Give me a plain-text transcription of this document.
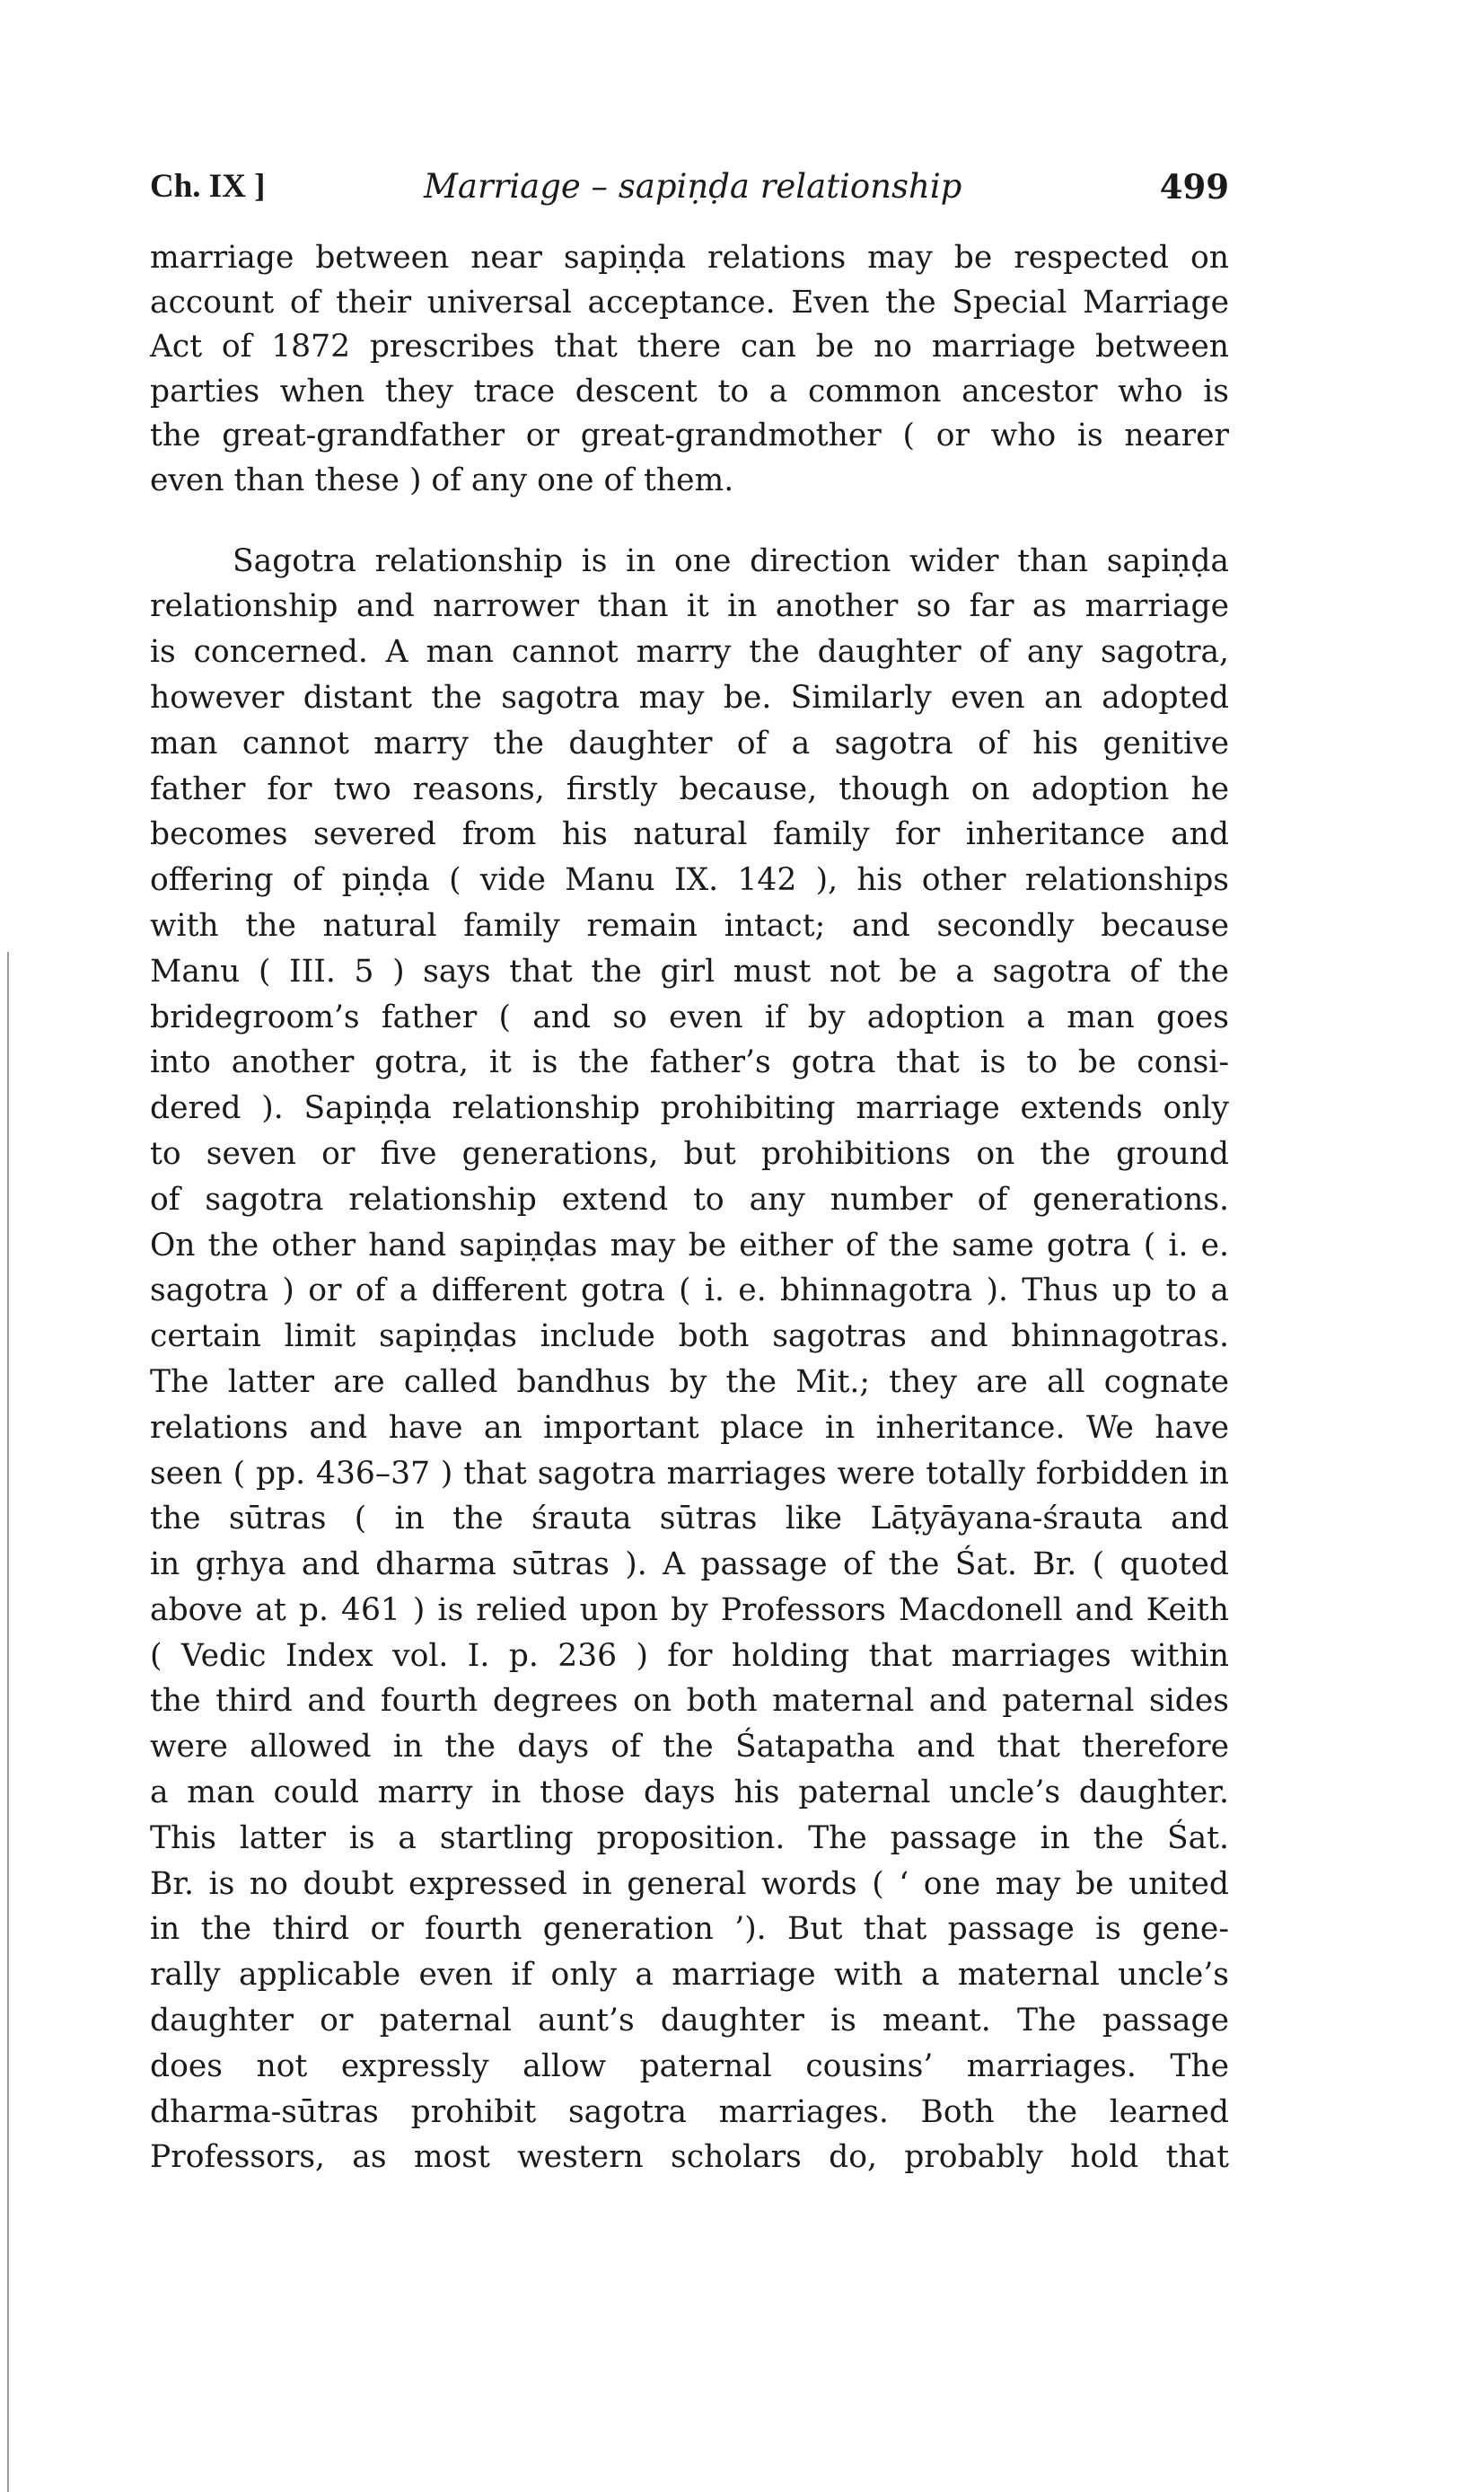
Ch. IX ]	Marriage – sapiṇḍa relationship	499
marriage between near sapiṇḍa relations may be respected on
account of their universal acceptance. Even the Special Marriage
Act of 1872 prescribes that there can be no marriage between
parties when they trace descent to a common ancestor who is
the great-grandfather or great-grandmother ( or who is nearer
even than these ) of any one of them.
Sagotra relationship is in one direction wider than sapiṇḍa
relationship and narrower than it in another so far as marriage
is concerned. A man cannot marry the daughter of any sagotra,
however distant the sagotra may be. Similarly even an adopted
man cannot marry the daughter of a sagotra of his genitive
father for two reasons, firstly because, though on adoption he
becomes severed from his natural family for inheritance and
offering of piṇḍa ( vide Manu IX. 142 ), his other relationships
with the natural family remain intact; and secondly because
Manu ( III. 5 ) says that the girl must not be a sagotra of the
bridegroom’s father ( and so even if by adoption a man goes
into another gotra, it is the father’s gotra that is to be consi-
dered ). Sapiṇḍa relationship prohibiting marriage extends only
to seven or five generations, but prohibitions on the ground
of sagotra relationship extend to any number of generations.
On the other hand sapiṇḍas may be either of the same gotra ( i. e.
sagotra ) or of a different gotra ( i. e. bhinnagotra ). Thus up to a
certain limit sapiṇḍas include both sagotras and bhinnagotras.
The latter are called bandhus by the Mit.; they are all cognate
relations and have an important place in inheritance. We have
seen ( pp. 436–37 ) that sagotra marriages were totally forbidden in
the sūtras ( in the śrauta sūtras like Lāṭyāyana-śrauta and
in gṛhya and dharma sūtras ). A passage of the Śat. Br. ( quoted
above at p. 461 ) is relied upon by Professors Macdonell and Keith
( Vedic Index vol. I. p. 236 ) for holding that marriages within
the third and fourth degrees on both maternal and paternal sides
were allowed in the days of the Śatapatha and that therefore
a man could marry in those days his paternal uncle’s daughter.
This latter is a startling proposition. The passage in the Śat.
Br. is no doubt expressed in general words ( ‘ one may be united
in the third or fourth generation ’). But that passage is gene-
rally applicable even if only a marriage with a maternal uncle’s
daughter or paternal aunt’s daughter is meant. The passage
does not expressly allow paternal cousins’ marriages. The
dharma-sūtras prohibit sagotra marriages. Both the learned
Professors, as most western scholars do, probably hold that
